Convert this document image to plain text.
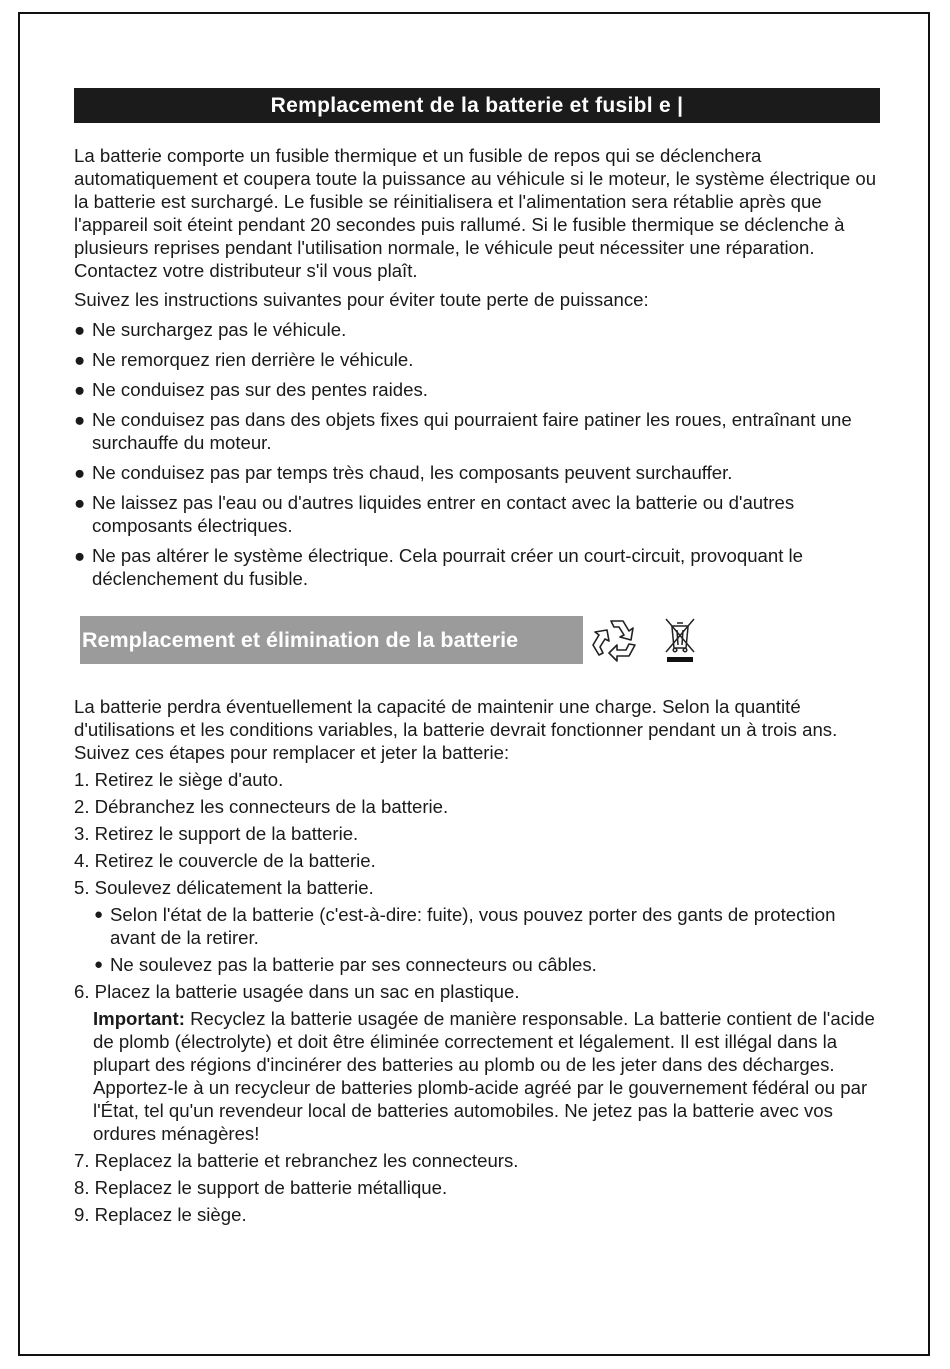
Remplacement de la batterie et fusibl e |

La batterie comporte un fusible thermique et un fusible de repos qui se déclenchera automatiquement et coupera toute la puissance au véhicule si le moteur, le système électrique ou la batterie est surchargé. Le fusible se réinitialisera et l'alimentation sera rétablie après que l'appareil soit éteint pendant 20 secondes puis rallumé. Si le fusible thermique se déclenche à plusieurs reprises pendant l'utilisation normale, le véhicule peut nécessiter une réparation. Contactez votre distributeur s'il vous plaît.

Suivez les instructions suivantes pour éviter toute perte de puissance:

● Ne surchargez pas le véhicule.
● Ne remorquez rien derrière le véhicule.
● Ne conduisez pas sur des pentes raides.
● Ne conduisez pas dans des objets fixes qui pourraient faire patiner les roues, entraînant une surchauffe du moteur.
● Ne conduisez pas par temps très chaud, les composants peuvent surchauffer.
● Ne laissez pas l'eau ou d'autres liquides entrer en contact avec la batterie ou d'autres composants électriques.
● Ne pas altérer le système électrique. Cela pourrait créer un court-circuit, provoquant le déclenchement du fusible.
Remplacement et élimination de la batterie

La batterie perdra éventuellement la capacité de maintenir une charge. Selon la quantité d'utilisations et les conditions variables, la batterie devrait fonctionner pendant un à trois ans. Suivez ces étapes pour remplacer et jeter la batterie:

1. Retirez le siège d'auto.
2. Débranchez les connecteurs de la batterie.
3. Retirez le support de la batterie.
4. Retirez le couvercle de la batterie.
5. Soulevez délicatement la batterie.
● Selon l'état de la batterie (c'est-à-dire: fuite), vous pouvez porter des gants de protection avant de la retirer.
● Ne soulevez pas la batterie par ses connecteurs ou câbles.
6. Placez la batterie usagée dans un sac en plastique.
Important: Recyclez la batterie usagée de manière responsable. La batterie contient de l'acide de plomb (électrolyte) et doit être éliminée correctement et légalement. Il est illégal dans la plupart des régions d'incinérer des batteries au plomb ou de les jeter dans des décharges. Apportez-le à un recycleur de batteries plomb-acide agréé par le gouvernement fédéral ou par l'État, tel qu'un revendeur local de batteries automobiles. Ne jetez pas la batterie avec vos ordures ménagères!
7. Replacez la batterie et rebranchez les connecteurs.
8. Replacez le support de batterie métallique.
9. Replacez le siège.
